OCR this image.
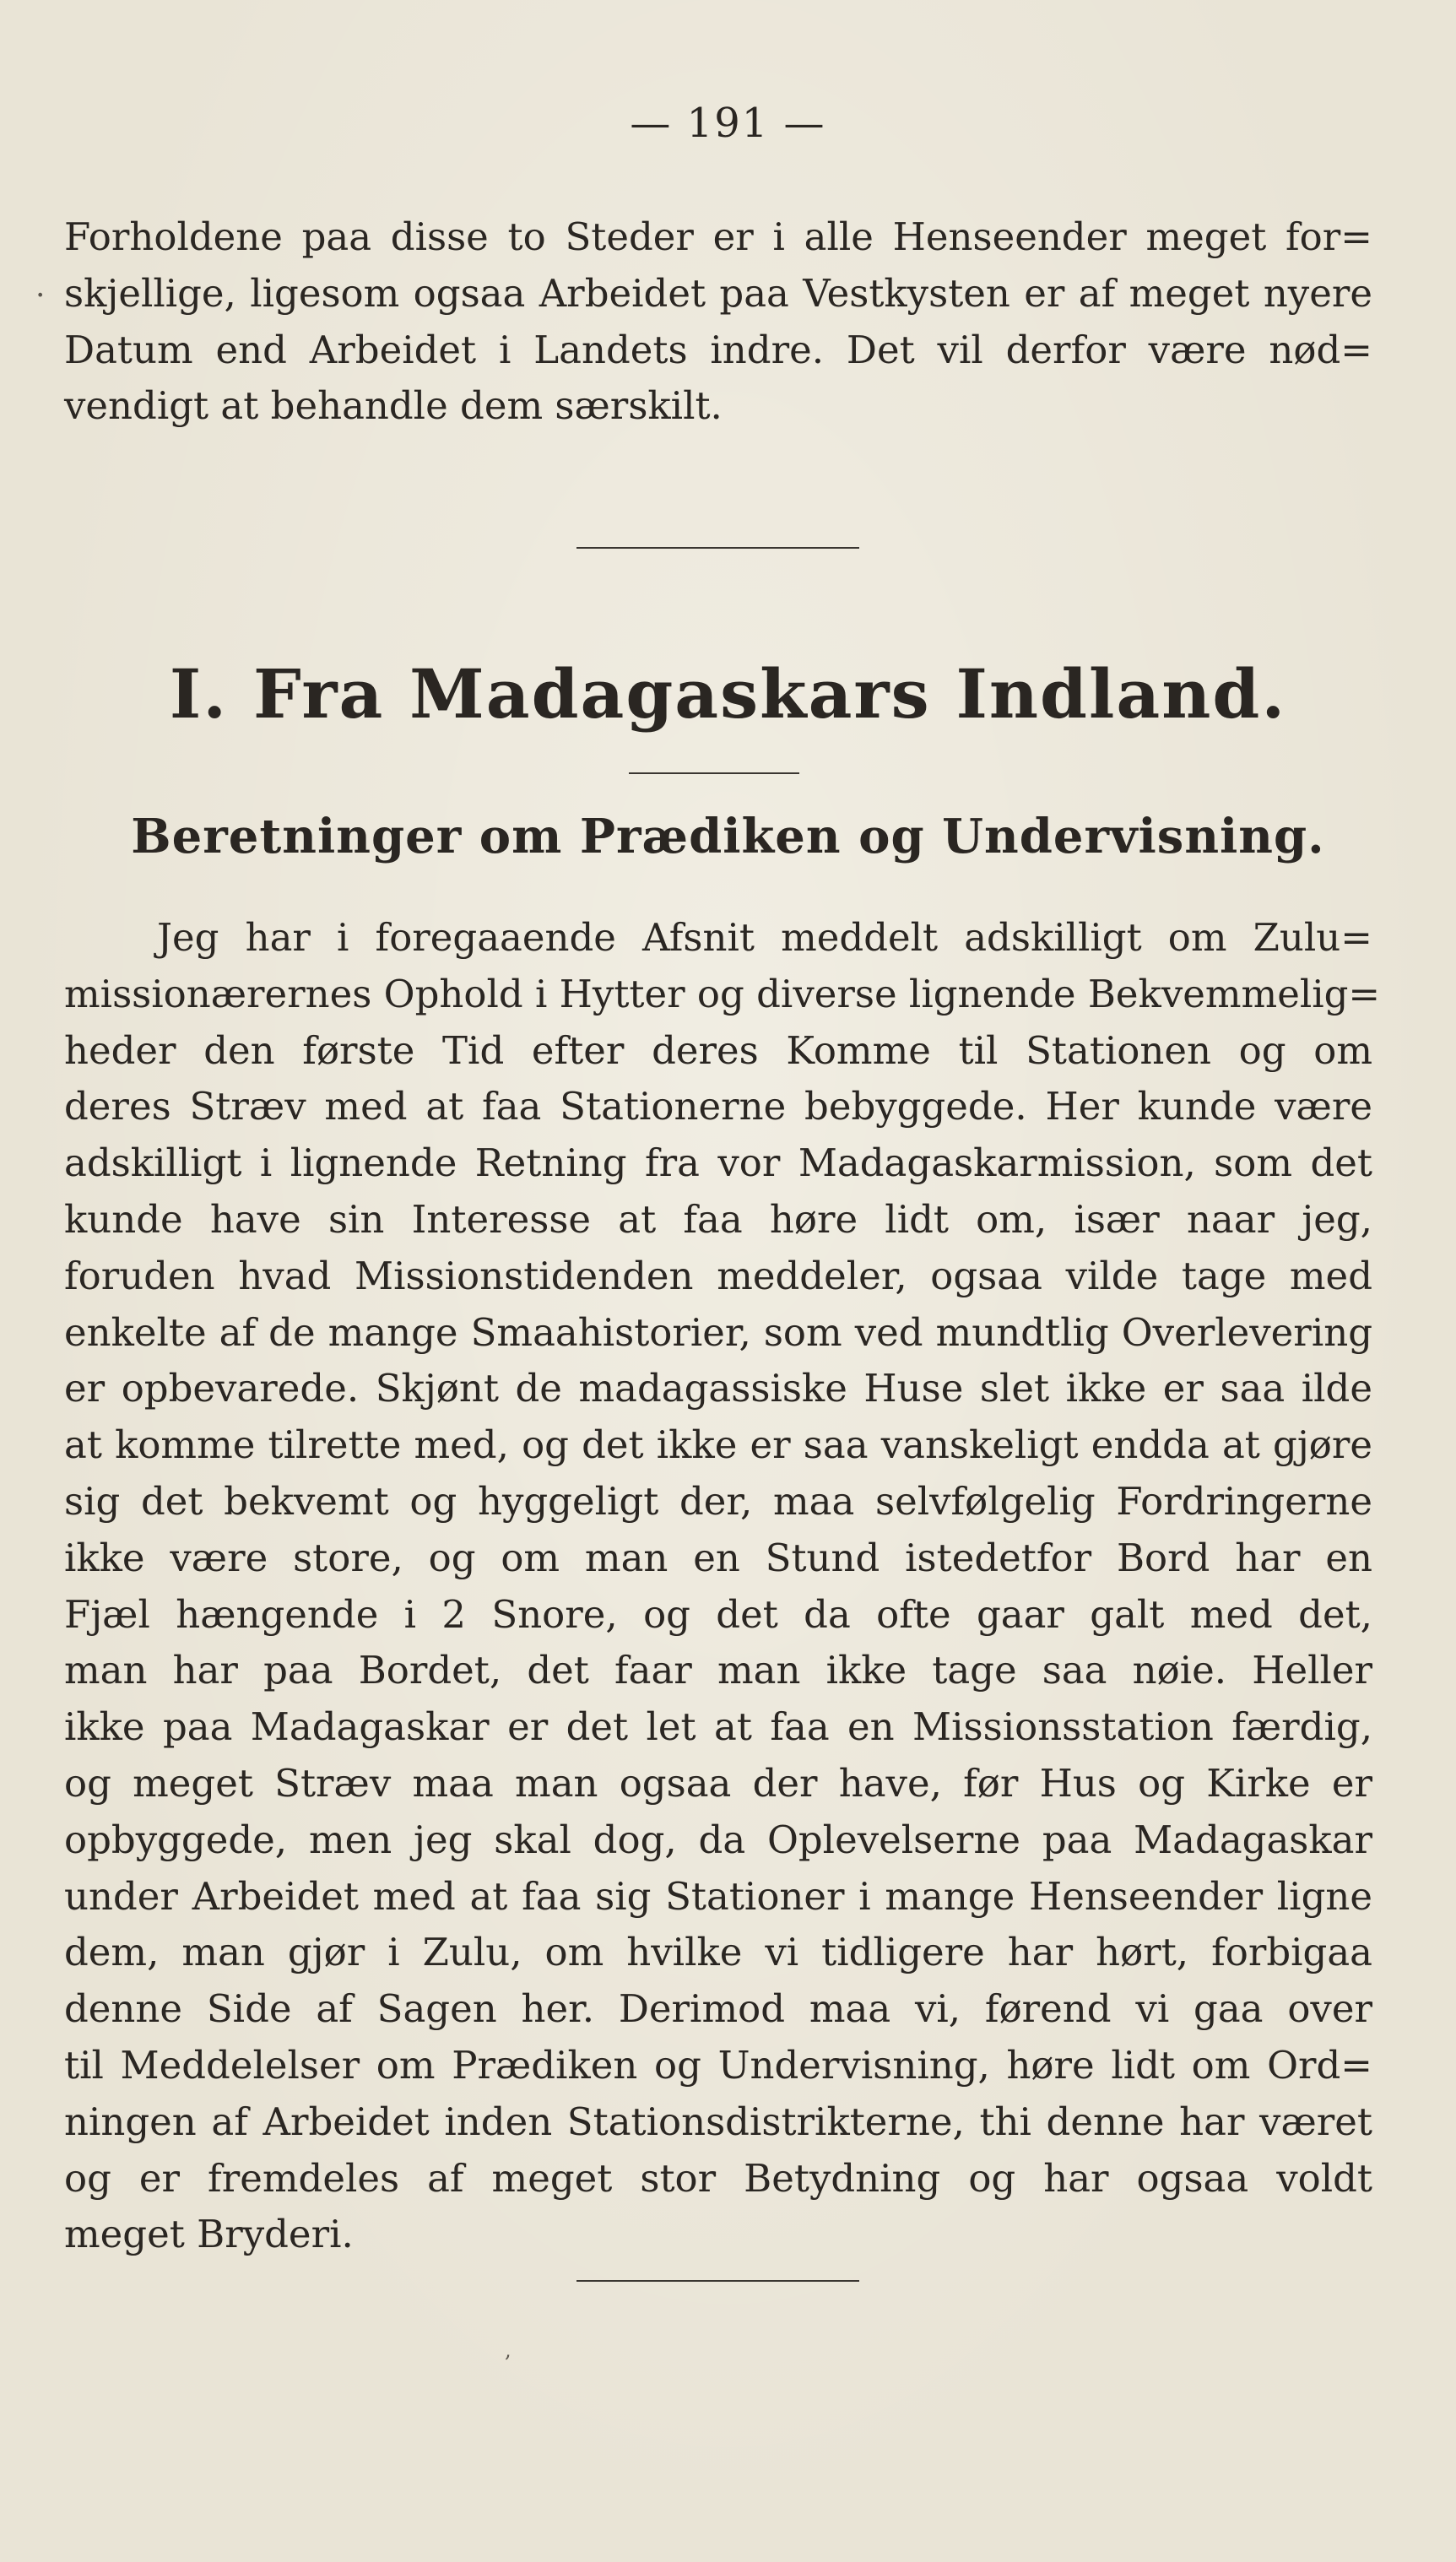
— 191 —
·
Forholdene paa disse to Steder er i alle Henseender meget for=
skjellige, ligesom ogsaa Arbeidet paa Vestkysten er af meget nyere
Datum end Arbeidet i Landets indre. Det vil derfor være nød=
vendigt at behandle dem særskilt.
I. Fra Madagaskars Indland.
Beretninger om Prædiken og Undervisning.
Jeg har i foregaaende Afsnit meddelt adskilligt om Zulu=
missionærernes Ophold i Hytter og diverse lignende Bekvemmelig=
heder den første Tid efter deres Komme til Stationen og om
deres Stræv med at faa Stationerne bebyggede. Her kunde være
adskilligt i lignende Retning fra vor Madagaskarmission, som det
kunde have sin Interesse at faa høre lidt om, især naar jeg,
foruden hvad Missionstidenden meddeler, ogsaa vilde tage med
enkelte af de mange Smaahistorier, som ved mundtlig Overlevering
er opbevarede. Skjønt de madagassiske Huse slet ikke er saa ilde
at komme tilrette med, og det ikke er saa vanskeligt endda at gjøre
sig det bekvemt og hyggeligt der, maa selvfølgelig Fordringerne
ikke være store, og om man en Stund istedetfor Bord har en
Fjæl hængende i 2 Snore, og det da ofte gaar galt med det,
man har paa Bordet, det faar man ikke tage saa nøie. Heller
ikke paa Madagaskar er det let at faa en Missionsstation færdig,
og meget Stræv maa man ogsaa der have, før Hus og Kirke er
opbyggede, men jeg skal dog, da Oplevelserne paa Madagaskar
under Arbeidet med at faa sig Stationer i mange Henseender ligne
dem, man gjør i Zulu, om hvilke vi tidligere har hørt, forbigaa
denne Side af Sagen her. Derimod maa vi, førend vi gaa over
til Meddelelser om Prædiken og Undervisning, høre lidt om Ord=
ningen af Arbeidet inden Stationsdistrikterne, thi denne har været
og er fremdeles af meget stor Betydning og har ogsaa voldt
meget Bryderi.
,
